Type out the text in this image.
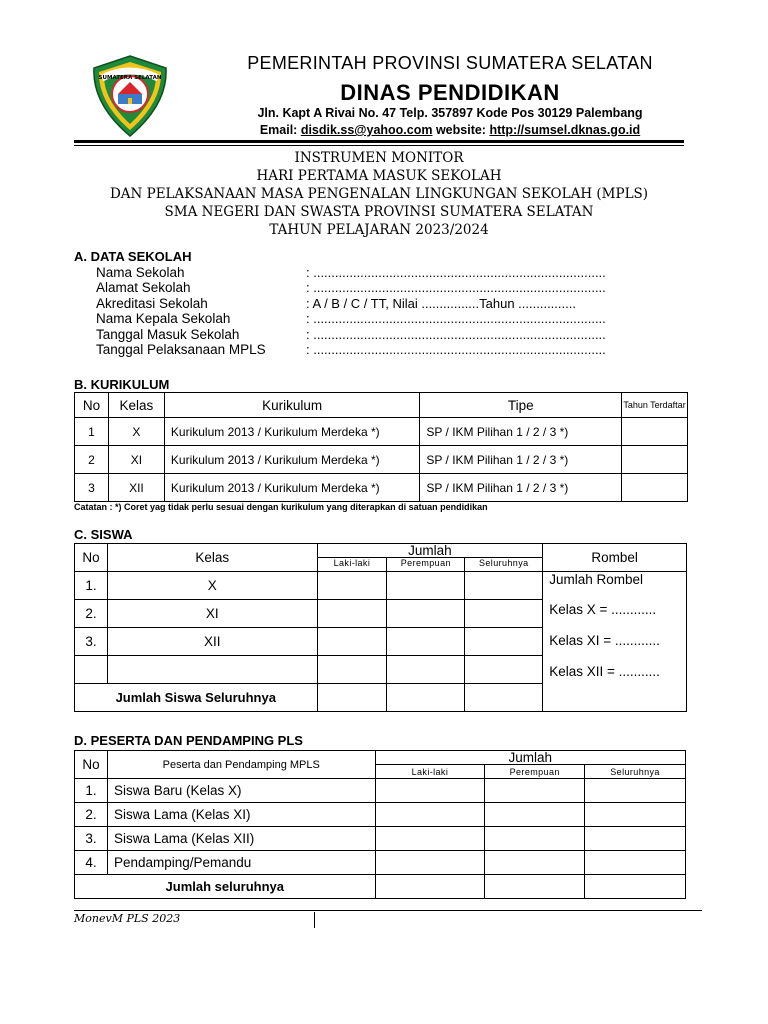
SUMATERA SELATAN
PEMERINTAH PROVINSI SUMATERA SELATAN
DINAS PENDIDIKAN
Jln. Kapt A Rivai No. 47 Telp. 357897 Kode Pos 30129 Palembang
Email: disdik.ss@yahoo.com website: http://sumsel.dknas.go.id
INSTRUMEN MONITOR
HARI PERTAMA MASUK SEKOLAH
DAN PELAKSANAAN MASA PENGENALAN LINGKUNGAN SEKOLAH (MPLS)
SMA NEGERI DAN SWASTA PROVINSI SUMATERA SELATAN
TAHUN PELAJARAN 2023/2024
A. DATA SEKOLAH
Nama Sekolah	: .................................................................................
Alamat Sekolah	: .................................................................................
Akreditasi Sekolah	: A / B / C / TT, Nilai ................Tahun ................
Nama Kepala Sekolah	: .................................................................................
Tanggal Masuk Sekolah	: .................................................................................
Tanggal Pelaksanaan MPLS	: .................................................................................
B. KURIKULUM
No	Kelas	Kurikulum	Tipe	Tahun Terdaftar
1	X	Kurikulum 2013 / Kurikulum Merdeka *)	SP / IKM Pilihan 1 / 2 / 3 *)	
2	XI	Kurikulum 2013 / Kurikulum Merdeka *)	SP / IKM Pilihan 1 / 2 / 3 *)	
3	XII	Kurikulum 2013 / Kurikulum Merdeka *)	SP / IKM Pilihan 1 / 2 / 3 *)	
Catatan : *) Coret yag tidak perlu sesuai dengan kurikulum yang diterapkan di satuan pendidikan
C. SISWA
No	Kelas	Jumlah			Rombel
		Laki-laki	Perempuan	Seluruhnya	
1.	X				Jumlah Rombel
Kelas X = ............
Kelas XI = ............
Kelas XII = ...........

2.	XI				
3.	XII				

Jumlah Siswa Seluruhnya					
D. PESERTA DAN PENDAMPING PLS
No	Peserta dan Pendamping MPLS	Jumlah		
		Laki-laki	Perempuan	Seluruhnya
1.	Siswa Baru (Kelas X)			
2.	Siswa Lama (Kelas XI)			
3.	Siswa Lama (Kelas XII)			
4.	Pendamping/Pemandu			
Jumlah seluruhnya				
MonevM PLS 2023
